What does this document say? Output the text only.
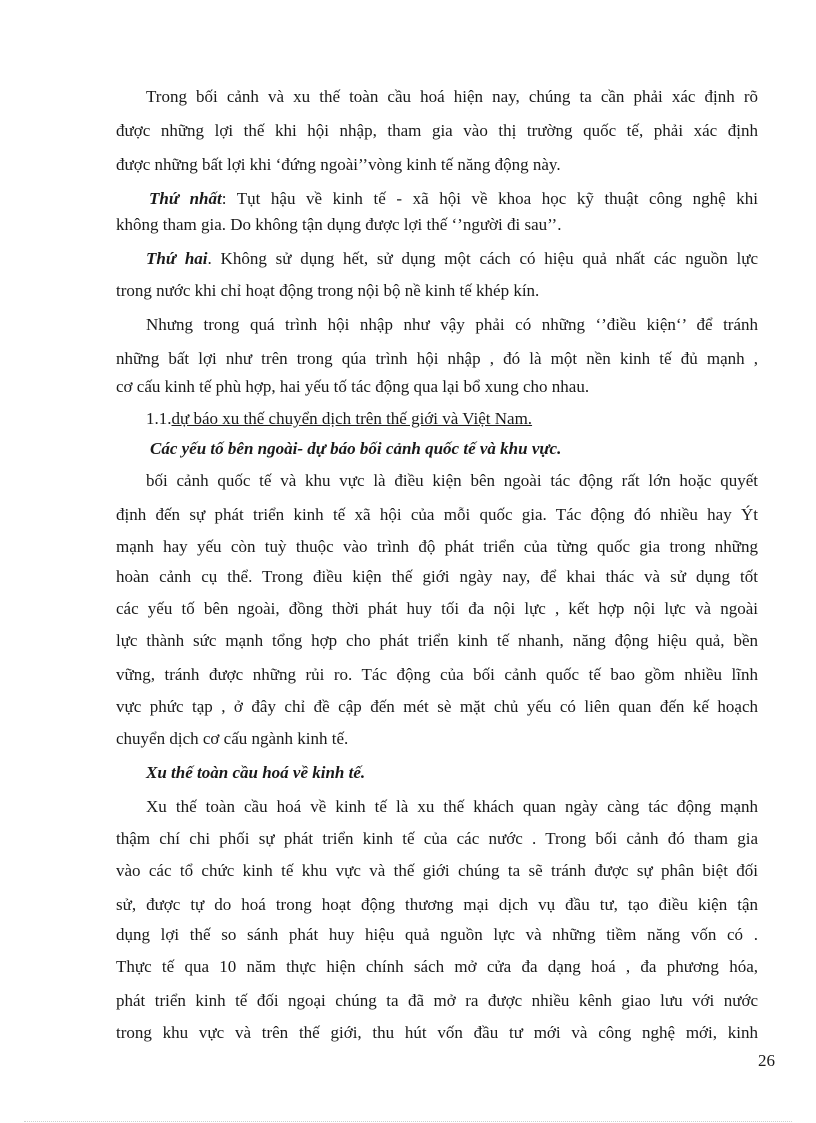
Trong bối cảnh và xu thế toàn cầu hoá hiện nay, chúng ta cần phải xác định rõ

được những lợi thế khi hội nhập, tham gia vào thị trường quốc tế, phải xác định

được những bất lợi khi ‘đứng ngoài’’vòng kinh tế năng động này.

Thứ nhất: Tụt hậu về kinh tế - xã hội về khoa học kỹ thuật công nghệ khi

không tham gia. Do không tận dụng được lợi thế ‘’người đi sau’’.

Thứ hai. Không sử dụng hết, sử dụng một cách có hiệu quả nhất các nguồn lực

trong nước khi chỉ hoạt động trong nội bộ nề kinh tế khép kín.

Nhưng trong quá trình hội nhập như vậy phải có những ‘’điều kiện‘’ để tránh

những bất lợi như trên trong qúa trình hội nhập , đó là một nền kinh tế đủ mạnh ,

cơ cấu kinh tế phù hợp, hai yếu tố tác động qua lại bổ xung cho nhau.

1.1.dự báo xu thế chuyển dịch trên thế giới và Việt Nam.

Các yếu tố bên ngoài- dự báo bối cảnh quốc tế và khu vực.

bối cảnh quốc tế và khu vực là điều kiện bên ngoài tác động rất lớn hoặc quyết

định đến sự phát triển kinh tế xã hội của mỗi quốc gia. Tác động đó nhiều hay Ýt

mạnh hay yếu còn tuỳ thuộc vào trình độ phát triển của từng quốc gia trong những

hoàn cảnh cụ thể. Trong điều kiện thế giới ngày nay, để khai thác và sử dụng tốt

các yếu tố bên ngoài, đồng thời phát huy tối đa nội lực , kết hợp nội lực và ngoài

lực thành sức mạnh tổng hợp cho phát triển kinh tế nhanh, năng động hiệu quả, bền

vững, tránh được những rủi ro. Tác động của bối cảnh quốc tế bao gồm nhiều lĩnh

vực phức tạp , ở đây chỉ đề cập đến mét sè mặt chủ yếu có liên quan đến kế hoạch

chuyển dịch cơ cấu ngành kinh tế.

Xu thế toàn cầu hoá về kinh tế.

Xu thế toàn cầu hoá về kinh tế là xu thế khách quan ngày càng tác động mạnh

thậm chí chi phối sự phát triển kinh tế của các nước . Trong bối cảnh đó tham gia

vào các tổ chức kinh tế khu vực và thế giới chúng ta sẽ tránh được sự phân biệt đối

sử, được tự do hoá trong hoạt động thương mại dịch vụ đầu tư, tạo điều kiện tận

dụng lợi thế so sánh phát huy hiệu quả nguồn lực và những tiềm năng vốn có .

Thực tế qua 10 năm thực hiện chính sách mở cửa đa dạng hoá , đa phương hóa,

phát triển kinh tế đối ngoại chúng ta đã mở ra được nhiều kênh giao lưu với nước

trong khu vực và trên thế giới, thu hút vốn đầu tư mới và công nghệ mới, kinh

26
